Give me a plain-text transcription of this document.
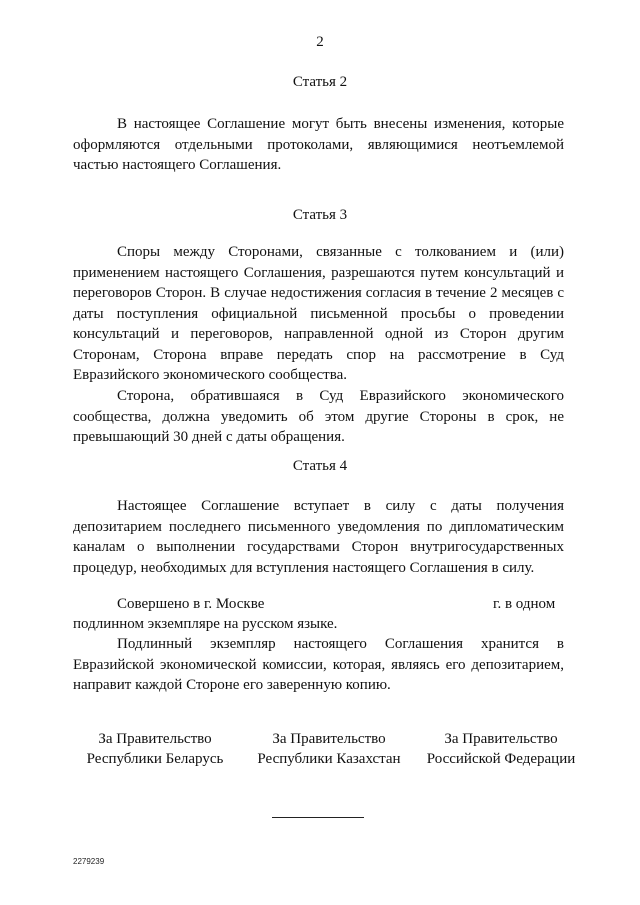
2
Статья 2

В настоящее Соглашение могут быть внесены изменения, которые оформляются отдельными протоколами, являющимися неотъемлемой частью настоящего Соглашения.

Статья 3

Споры между Сторонами, связанные с толкованием и (или) применением настоящего Соглашения, разрешаются путем консультаций и переговоров Сторон. В случае недостижения согласия в течение 2 месяцев с даты поступления официальной письменной просьбы о проведении консультаций и переговоров, направленной одной из Сторон другим Сторонам, Сторона вправе передать спор на рассмотрение в Суд Евразийского экономического сообщества.

Сторона, обратившаяся в Суд Евразийского экономического сообщества, должна уведомить об этом другие Стороны в срок, не превышающий 30 дней с даты обращения.

Статья 4

Настоящее Соглашение вступает в силу с даты получения депозитарием последнего письменного уведомления по дипломатическим каналам о выполнении государствами Сторон внутригосударственных процедур, необходимых для вступления настоящего Соглашения в силу.

Совершено в г. Москве	г. в одном
подлинном экземпляре на русском языке.

Подлинный экземпляр настоящего Соглашения хранится в Евразийской экономической комиссии, которая, являясь его депозитарием, направит каждой Стороне его заверенную копию.

За Правительство
Республики Беларусь
За Правительство
Республики Казахстан
За Правительство
Российской Федерации
2279239
